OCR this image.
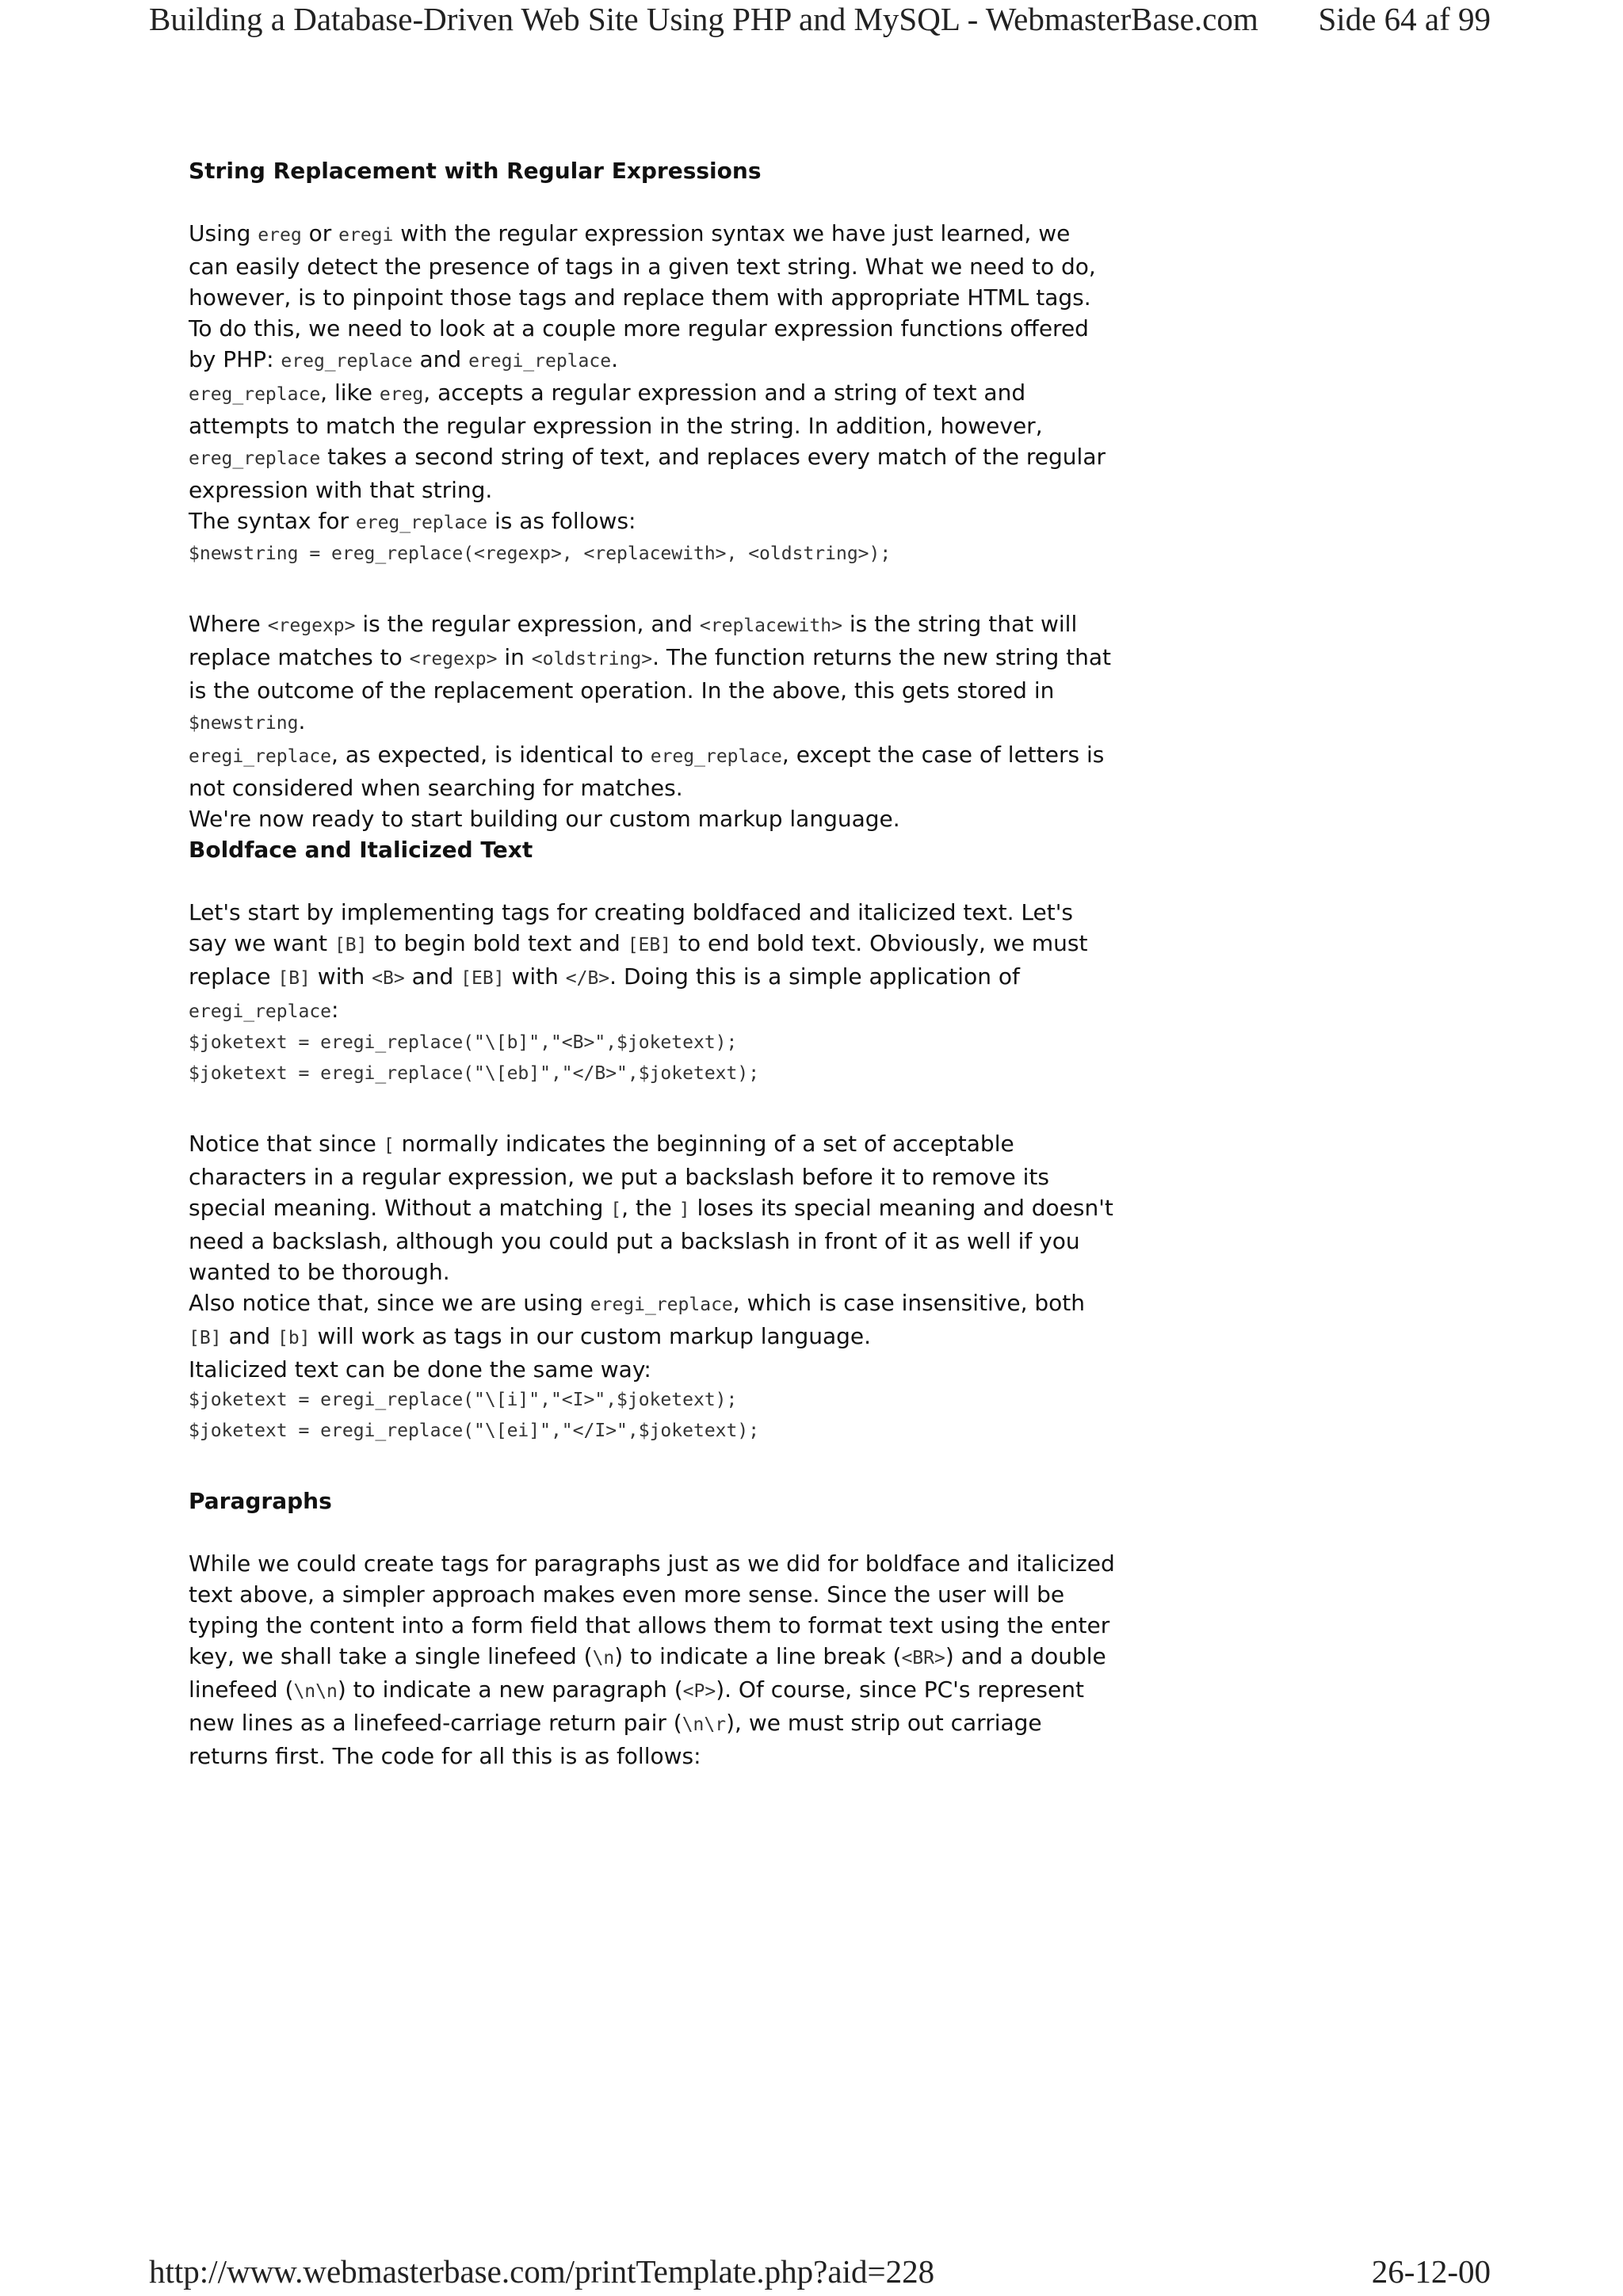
Building a Database-Driven Web Site Using PHP and MySQL - WebmasterBase.com Side 64 af 99

String Replacement with Regular Expressions

Using ereg or eregi with the regular expression syntax we have just learned, we can easily detect the presence of tags in a given text string. What we need to do, however, is to pinpoint those tags and replace them with appropriate HTML tags. To do this, we need to look at a couple more regular expression functions offered by PHP: ereg_replace and eregi_replace.

ereg_replace, like ereg, accepts a regular expression and a string of text and attempts to match the regular expression in the string. In addition, however, ereg_replace takes a second string of text, and replaces every match of the regular expression with that string.

The syntax for ereg_replace is as follows:

$newstring = ereg_replace(<regexp>, <replacewith>, <oldstring>);

Where <regexp> is the regular expression, and <replacewith> is the string that will replace matches to <regexp> in <oldstring>. The function returns the new string that is the outcome of the replacement operation. In the above, this gets stored in $newstring.

eregi_replace, as expected, is identical to ereg_replace, except the case of letters is not considered when searching for matches.

We're now ready to start building our custom markup language.

Boldface and Italicized Text

Let's start by implementing tags for creating boldfaced and italicized text. Let's say we want [B] to begin bold text and [EB] to end bold text. Obviously, we must replace [B] with <B> and [EB] with </B>. Doing this is a simple application of eregi_replace:

$joketext = eregi_replace("\[b]","<B>",$joketext);
$joketext = eregi_replace("\[eb]","</B>",$joketext);

Notice that since [ normally indicates the beginning of a set of acceptable characters in a regular expression, we put a backslash before it to remove its special meaning. Without a matching [, the ] loses its special meaning and doesn't need a backslash, although you could put a backslash in front of it as well if you wanted to be thorough.

Also notice that, since we are using eregi_replace, which is case insensitive, both [B] and [b] will work as tags in our custom markup language.

Italicized text can be done the same way:

$joketext = eregi_replace("\[i]","<I>",$joketext);
$joketext = eregi_replace("\[ei]","</I>",$joketext);

Paragraphs

While we could create tags for paragraphs just as we did for boldface and italicized text above, a simpler approach makes even more sense. Since the user will be typing the content into a form field that allows them to format text using the enter key, we shall take a single linefeed (\n) to indicate a line break (<BR>) and a double linefeed (\n\n) to indicate a new paragraph (<P>). Of course, since PC's represent new lines as a linefeed-carriage return pair (\n\r), we must strip out carriage returns first. The code for all this is as follows:

http://www.webmasterbase.com/printTemplate.php?aid=228	26-12-00
